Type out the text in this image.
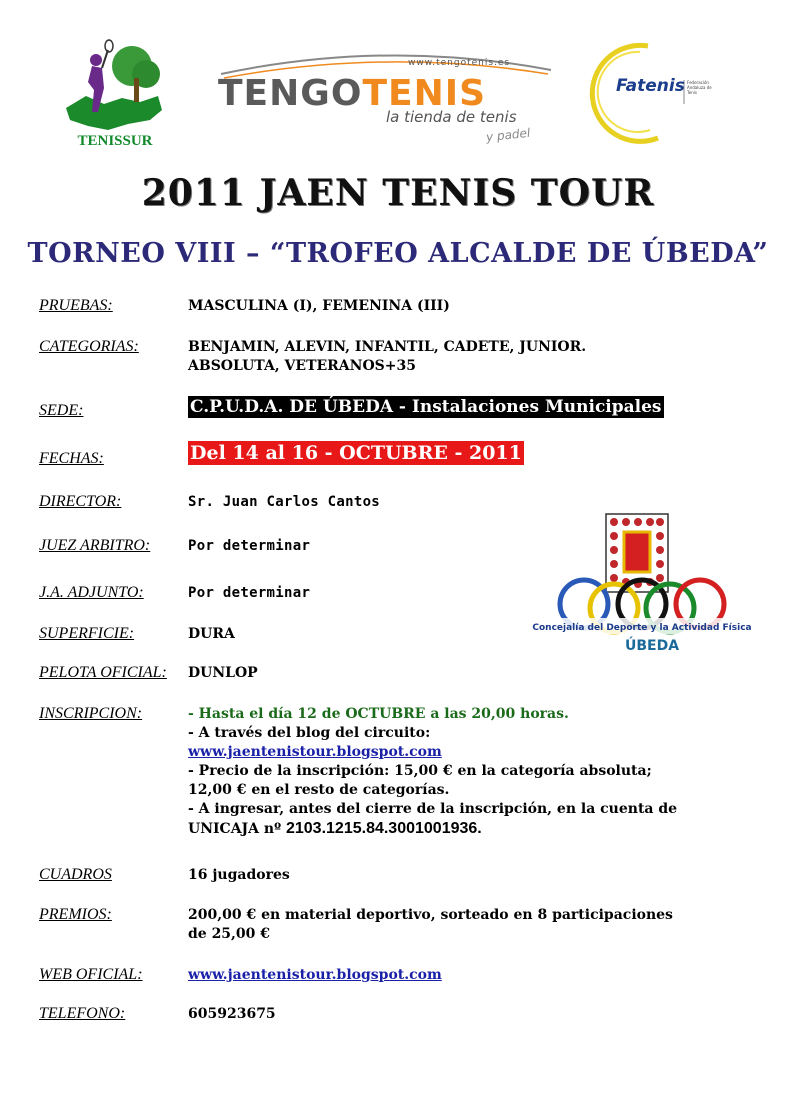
TENISSUR
www.tengotenis.es
TENGOTENIS
la tienda de tenis
y padel
Fatenis Federación Andaluza de Tenis
2011 JAEN TENIS TOUR
TORNEO VIII – “TROFEO ALCALDE DE ÚBEDA”
PRUEBAS:	MASCULINA (I), FEMENINA (III)
CATEGORIAS:	BENJAMIN, ALEVIN, INFANTIL, CADETE, JUNIOR.
ABSOLUTA, VETERANOS+35
SEDE:	C.P.U.D.A. DE ÚBEDA - Instalaciones Municipales
FECHAS:	Del 14 al 16 - OCTUBRE - 2011
DIRECTOR:	Sr. Juan Carlos Cantos
JUEZ ARBITRO:	Por determinar
J.A. ADJUNTO:	Por determinar
Concejalía del Deporte y la Actividad Física
ÚBEDA
SUPERFICIE:	DURA
PELOTA OFICIAL: DUNLOP
INSCRIPCION:	- Hasta el día 12 de OCTUBRE a las 20,00 horas.
- A través del blog del circuito:
www.jaentenistour.blogspot.com
- Precio de la inscripción: 15,00 € en la categoría absoluta;
12,00 € en el resto de categorías.
- A ingresar, antes del cierre de la inscripción, en la cuenta de
UNICAJA nº 2103.1215.84.3001001936.
CUADROS	16 jugadores
PREMIOS:	200,00 € en material deportivo, sorteado en 8 participaciones
de 25,00 €
WEB OFICIAL:	www.jaentenistour.blogspot.com
TELEFONO:	605923675
